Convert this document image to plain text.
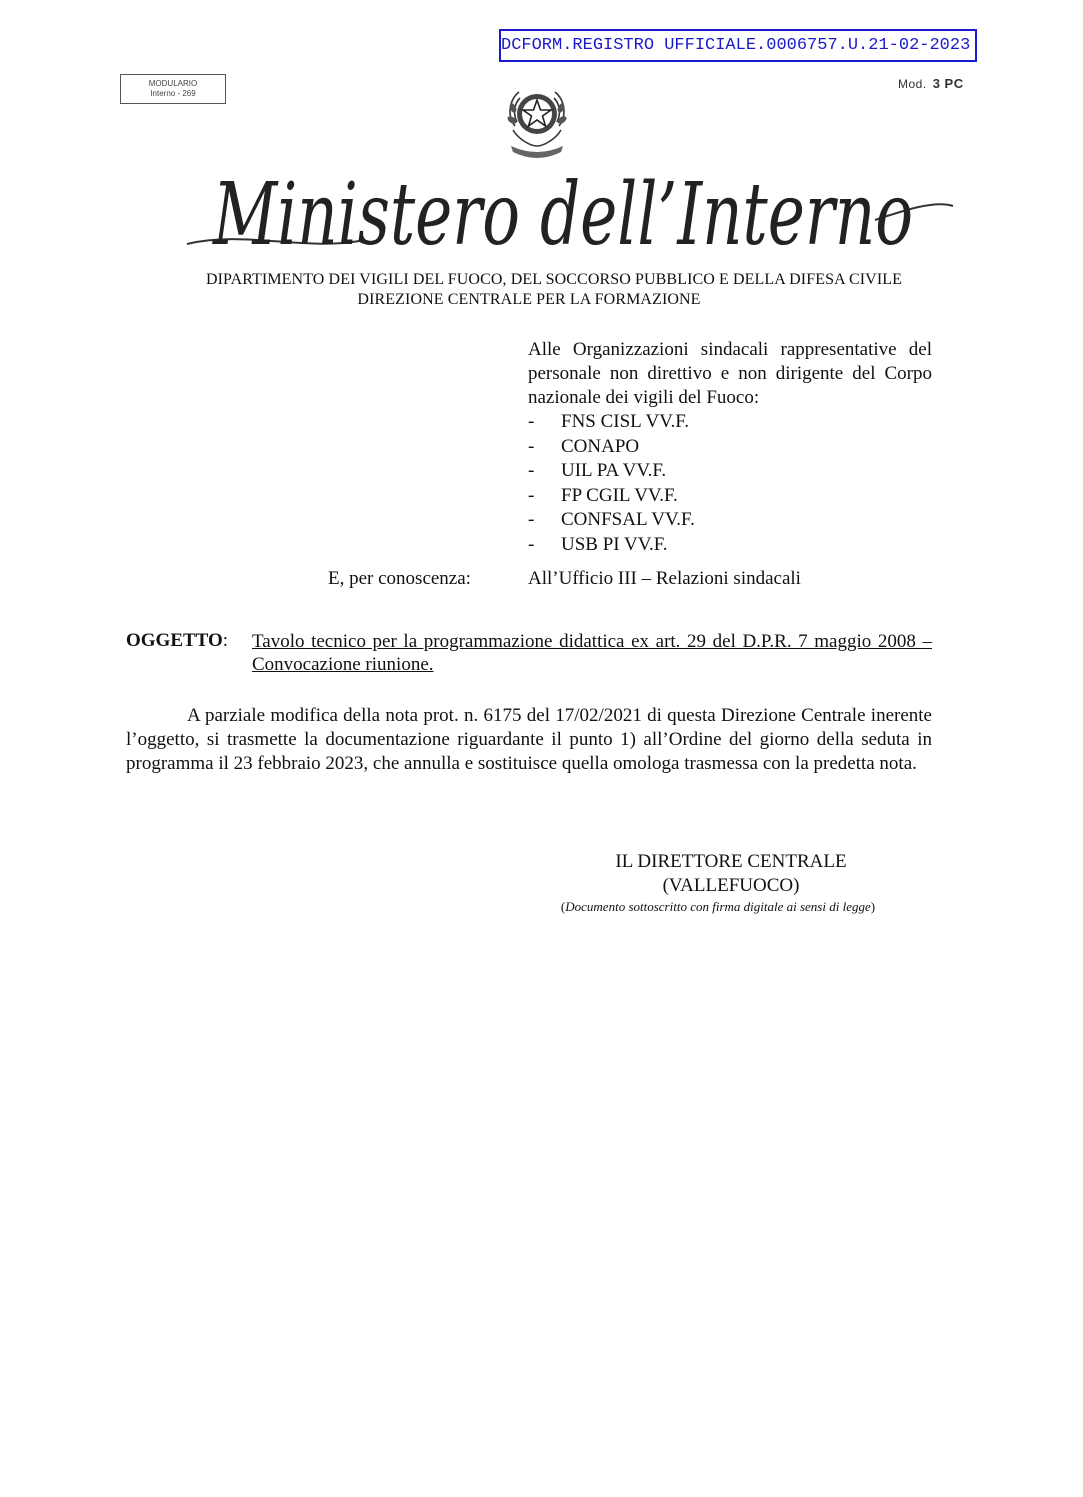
DCFORM.REGISTRO UFFICIALE.0006757.U.21-02-2023
MODULARIO
Interno - 269
Mod. 3 PC
Ministero dell’Interno
DIPARTIMENTO DEI VIGILI DEL FUOCO, DEL SOCCORSO PUBBLICO E DELLA DIFESA CIVILE
DIREZIONE CENTRALE PER LA FORMAZIONE
Alle Organizzazioni sindacali rappresentative del personale non direttivo e non dirigente del Corpo nazionale dei vigili del Fuoco:
- FNS CISL VV.F.
- CONAPO
- UIL PA VV.F.
- FP CGIL VV.F.
- CONFSAL VV.F.
- USB PI VV.F.
E, per conoscenza:	All’Ufficio III – Relazioni sindacali
OGGETTO: Tavolo tecnico per la programmazione didattica ex art. 29 del D.P.R. 7 maggio 2008 – Convocazione riunione.
A parziale modifica della nota prot. n. 6175 del 17/02/2021 di questa Direzione Centrale inerente l’oggetto, si trasmette la documentazione riguardante il punto 1) all’Ordine del giorno della seduta in programma il 23 febbraio 2023, che annulla e sostituisce quella omologa trasmessa con la predetta nota.
IL DIRETTORE CENTRALE
(VALLEFUOCO)
(Documento sottoscritto con firma digitale ai sensi di legge)
